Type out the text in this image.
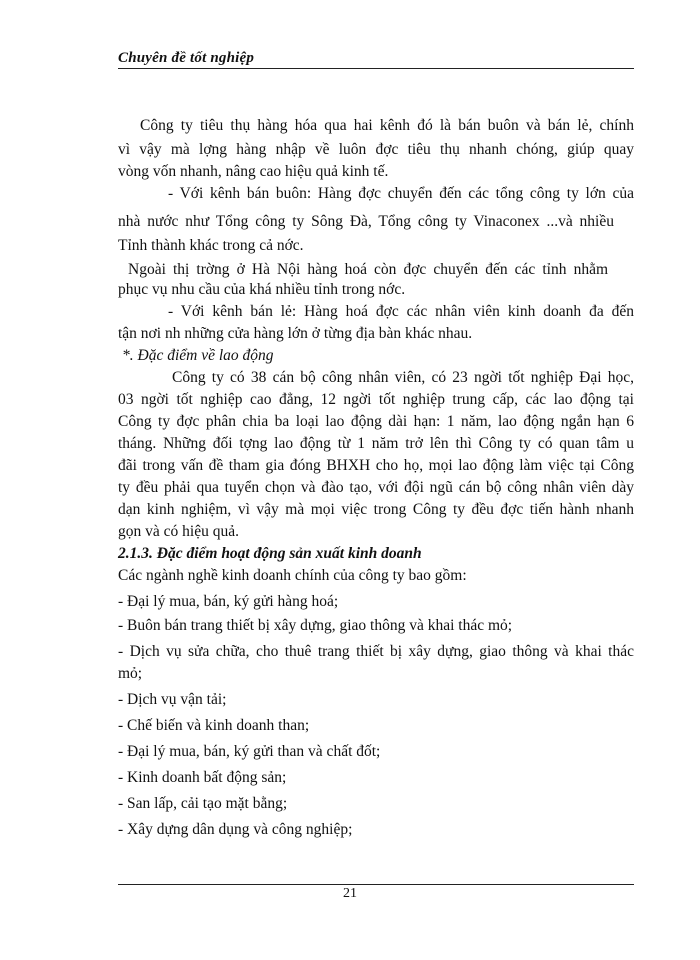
Chuyên đề tốt nghiệp
Công ty tiêu thụ hàng hóa qua hai kênh đó là bán buôn và bán lẻ, chính
vì vậy mà lợng hàng nhập về luôn đợc tiêu thụ nhanh chóng, giúp quay
vòng vốn nhanh, nâng cao hiệu quả kinh tế.
- Với kênh bán buôn: Hàng đợc chuyển đến các tổng công ty lớn của
nhà nước như Tổng công ty Sông Đà, Tổng công ty Vinaconex ...và nhiều
Tỉnh thành khác trong cả nớc.
Ngoài thị trờng ở Hà Nội hàng hoá còn đợc chuyển đến các tỉnh nhằm
phục vụ nhu cầu của khá nhiều tỉnh trong nớc.
- Với kênh bán lẻ: Hàng hoá đợc các nhân viên kinh doanh đa đến
tận nơi nh những cửa hàng lớn ở từng địa bàn khác nhau.
*. Đặc điểm về lao động
Công ty có 38 cán bộ công nhân viên, có 23 ngời tốt nghiệp Đại học,
03 ngời tốt nghiệp cao đẳng, 12 ngời tốt nghiệp trung cấp, các lao động tại
Công ty đợc phân chia ba loại lao động dài hạn: 1 năm, lao động ngắn hạn 6
tháng. Những đối tợng lao động từ 1 năm trở lên thì Công ty có quan tâm u
đãi trong vấn đề tham gia đóng BHXH cho họ, mọi lao động làm việc tại Công
ty đều phải qua tuyển chọn và đào tạo, với đội ngũ cán bộ công nhân viên dày
dạn kinh nghiệm, vì vậy mà mọi việc trong Công ty đều đợc tiến hành nhanh
gọn và có hiệu quả.
2.1.3. Đặc điểm hoạt động sản xuất kinh doanh
Các ngành nghề kinh doanh chính của công ty bao gồm:
- Đại lý mua, bán, ký gửi hàng hoá;
- Buôn bán trang thiết bị xây dựng, giao thông và khai thác mỏ;
- Dịch vụ sửa chữa, cho thuê trang thiết bị xây dựng, giao thông và khai thác
mỏ;
- Dịch vụ vận tải;
- Chế biến và kinh doanh than;
- Đại lý mua, bán, ký gửi than và chất đốt;
- Kinh doanh bất động sản;
- San lấp, cải tạo mặt bằng;
- Xây dựng dân dụng và công nghiệp;
21
